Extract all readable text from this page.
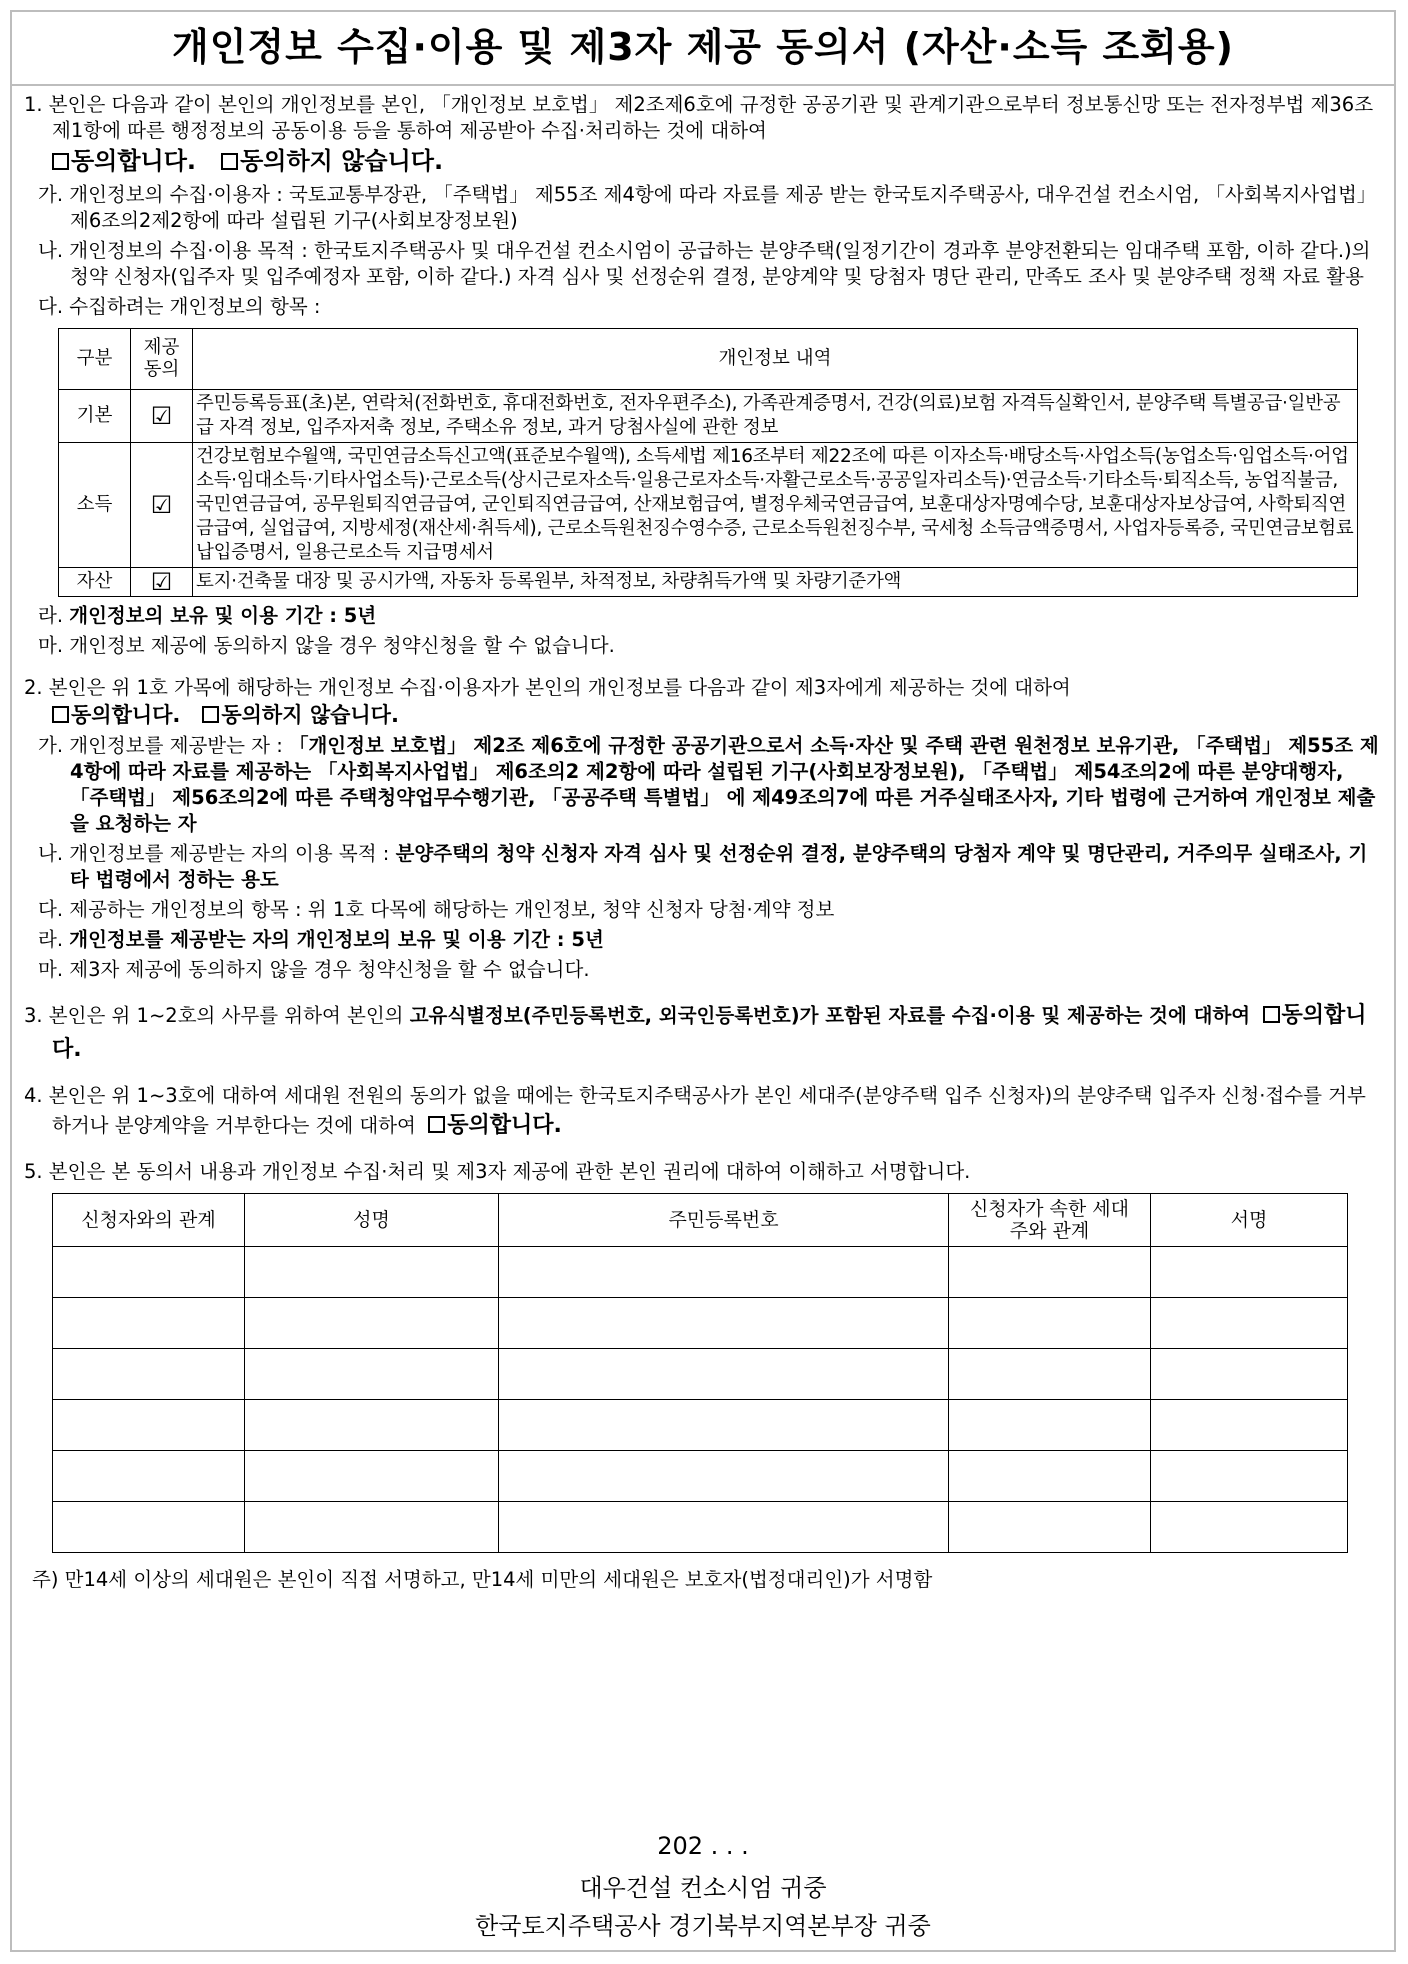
개인정보 수집·이용 및 제3자 제공 동의서 (자산·소득 조회용)

1. 본인은 다음과 같이 본인의 개인정보를 본인, 「개인정보 보호법」 제2조제6호에 규정한 공공기관 및 관계기관으로부터 정보통신망 또는 전자정부법 제36조 제1항에 따른 행정정보의 공동이용 등을 통하여 제공받아 수집·처리하는 것에 대하여

동의합니다. 동의하지 않습니다.

가. 개인정보의 수집·이용자 : 국토교통부장관, 「주택법」 제55조 제4항에 따라 자료를 제공 받는 한국토지주택공사, 대우건설 컨소시엄, 「사회복지사업법」 제6조의2제2항에 따라 설립된 기구(사회보장정보원)

나. 개인정보의 수집·이용 목적 : 한국토지주택공사 및 대우건설 컨소시엄이 공급하는 분양주택(일정기간이 경과후 분양전환되는 임대주택 포함, 이하 같다.)의 청약 신청자(입주자 및 입주예정자 포함, 이하 같다.) 자격 심사 및 선정순위 결정, 분양계약 및 당첨자 명단 관리, 만족도 조사 및 분양주택 정책 자료 활용

다. 수집하려는 개인정보의 항목 :

구분	제공 동의	개인정보 내역
기본	☑	주민등록등표(초)본, 연락처(전화번호, 휴대전화번호, 전자우편주소), 가족관계증명서, 건강(의료)보험 자격득실확인서, 분양주택 특별공급·일반공급 자격 정보, 입주자저축 정보, 주택소유 정보, 과거 당첨사실에 관한 정보
소득	☑	건강보험보수월액, 국민연금소득신고액(표준보수월액), 소득세법 제16조부터 제22조에 따른 이자소득·배당소득·사업소득(농업소득·임업소득·어업소득·임대소득·기타사업소득)·근로소득(상시근로자소득·일용근로자소득·자활근로소득·공공일자리소득)·연금소득·기타소득·퇴직소득, 농업직불금, 국민연금급여, 공무원퇴직연금급여, 군인퇴직연금급여, 산재보험급여, 별정우체국연금급여, 보훈대상자명예수당, 보훈대상자보상급여, 사학퇴직연금급여, 실업급여, 지방세정(재산세·취득세), 근로소득원천징수영수증, 근로소득원천징수부, 국세청 소득금액증명서, 사업자등록증, 국민연금보험료 납입증명서, 일용근로소득 지급명세서
자산	☑	토지·건축물 대장 및 공시가액, 자동차 등록원부, 차적정보, 차량취득가액 및 차량기준가액

라. 개인정보의 보유 및 이용 기간 : 5년

마. 개인정보 제공에 동의하지 않을 경우 청약신청을 할 수 없습니다.

2. 본인은 위 1호 가목에 해당하는 개인정보 수집·이용자가 본인의 개인정보를 다음과 같이 제3자에게 제공하는 것에 대하여

동의합니다. 동의하지 않습니다.

가. 개인정보를 제공받는 자 : 「개인정보 보호법」 제2조 제6호에 규정한 공공기관으로서 소득·자산 및 주택 관련 원천정보 보유기관, 「주택법」 제55조 제4항에 따라 자료를 제공하는 「사회복지사업법」 제6조의2 제2항에 따라 설립된 기구(사회보장정보원), 「주택법」 제54조의2에 따른 분양대행자, 「주택법」 제56조의2에 따른 주택청약업무수행기관, 「공공주택 특별법」 에 제49조의7에 따른 거주실태조사자, 기타 법령에 근거하여 개인정보 제출을 요청하는 자

나. 개인정보를 제공받는 자의 이용 목적 : 분양주택의 청약 신청자 자격 심사 및 선정순위 결정, 분양주택의 당첨자 계약 및 명단관리, 거주의무 실태조사, 기타 법령에서 정하는 용도

다. 제공하는 개인정보의 항목 : 위 1호 다목에 해당하는 개인정보, 청약 신청자 당첨·계약 정보

라. 개인정보를 제공받는 자의 개인정보의 보유 및 이용 기간 : 5년

마. 제3자 제공에 동의하지 않을 경우 청약신청을 할 수 없습니다.

3. 본인은 위 1~2호의 사무를 위하여 본인의 고유식별정보(주민등록번호, 외국인등록번호)가 포함된 자료를 수집·이용 및 제공하는 것에 대하여 동의합니다.

4. 본인은 위 1~3호에 대하여 세대원 전원의 동의가 없을 때에는 한국토지주택공사가 본인 세대주(분양주택 입주 신청자)의 분양주택 입주자 신청·접수를 거부하거나 분양계약을 거부한다는 것에 대하여 동의합니다.

5. 본인은 본 동의서 내용과 개인정보 수집·처리 및 제3자 제공에 관한 본인 권리에 대하여 이해하고 서명합니다.

신청자와의 관계	성명	주민등록번호	신청자가 속한 세대주와 관계	서명

주) 만14세 이상의 세대원은 본인이 직접 서명하고, 만14세 미만의 세대원은 보호자(법정대리인)가 서명함

202 . . .
대우건설 컨소시엄 귀중
한국토지주택공사 경기북부지역본부장 귀중
